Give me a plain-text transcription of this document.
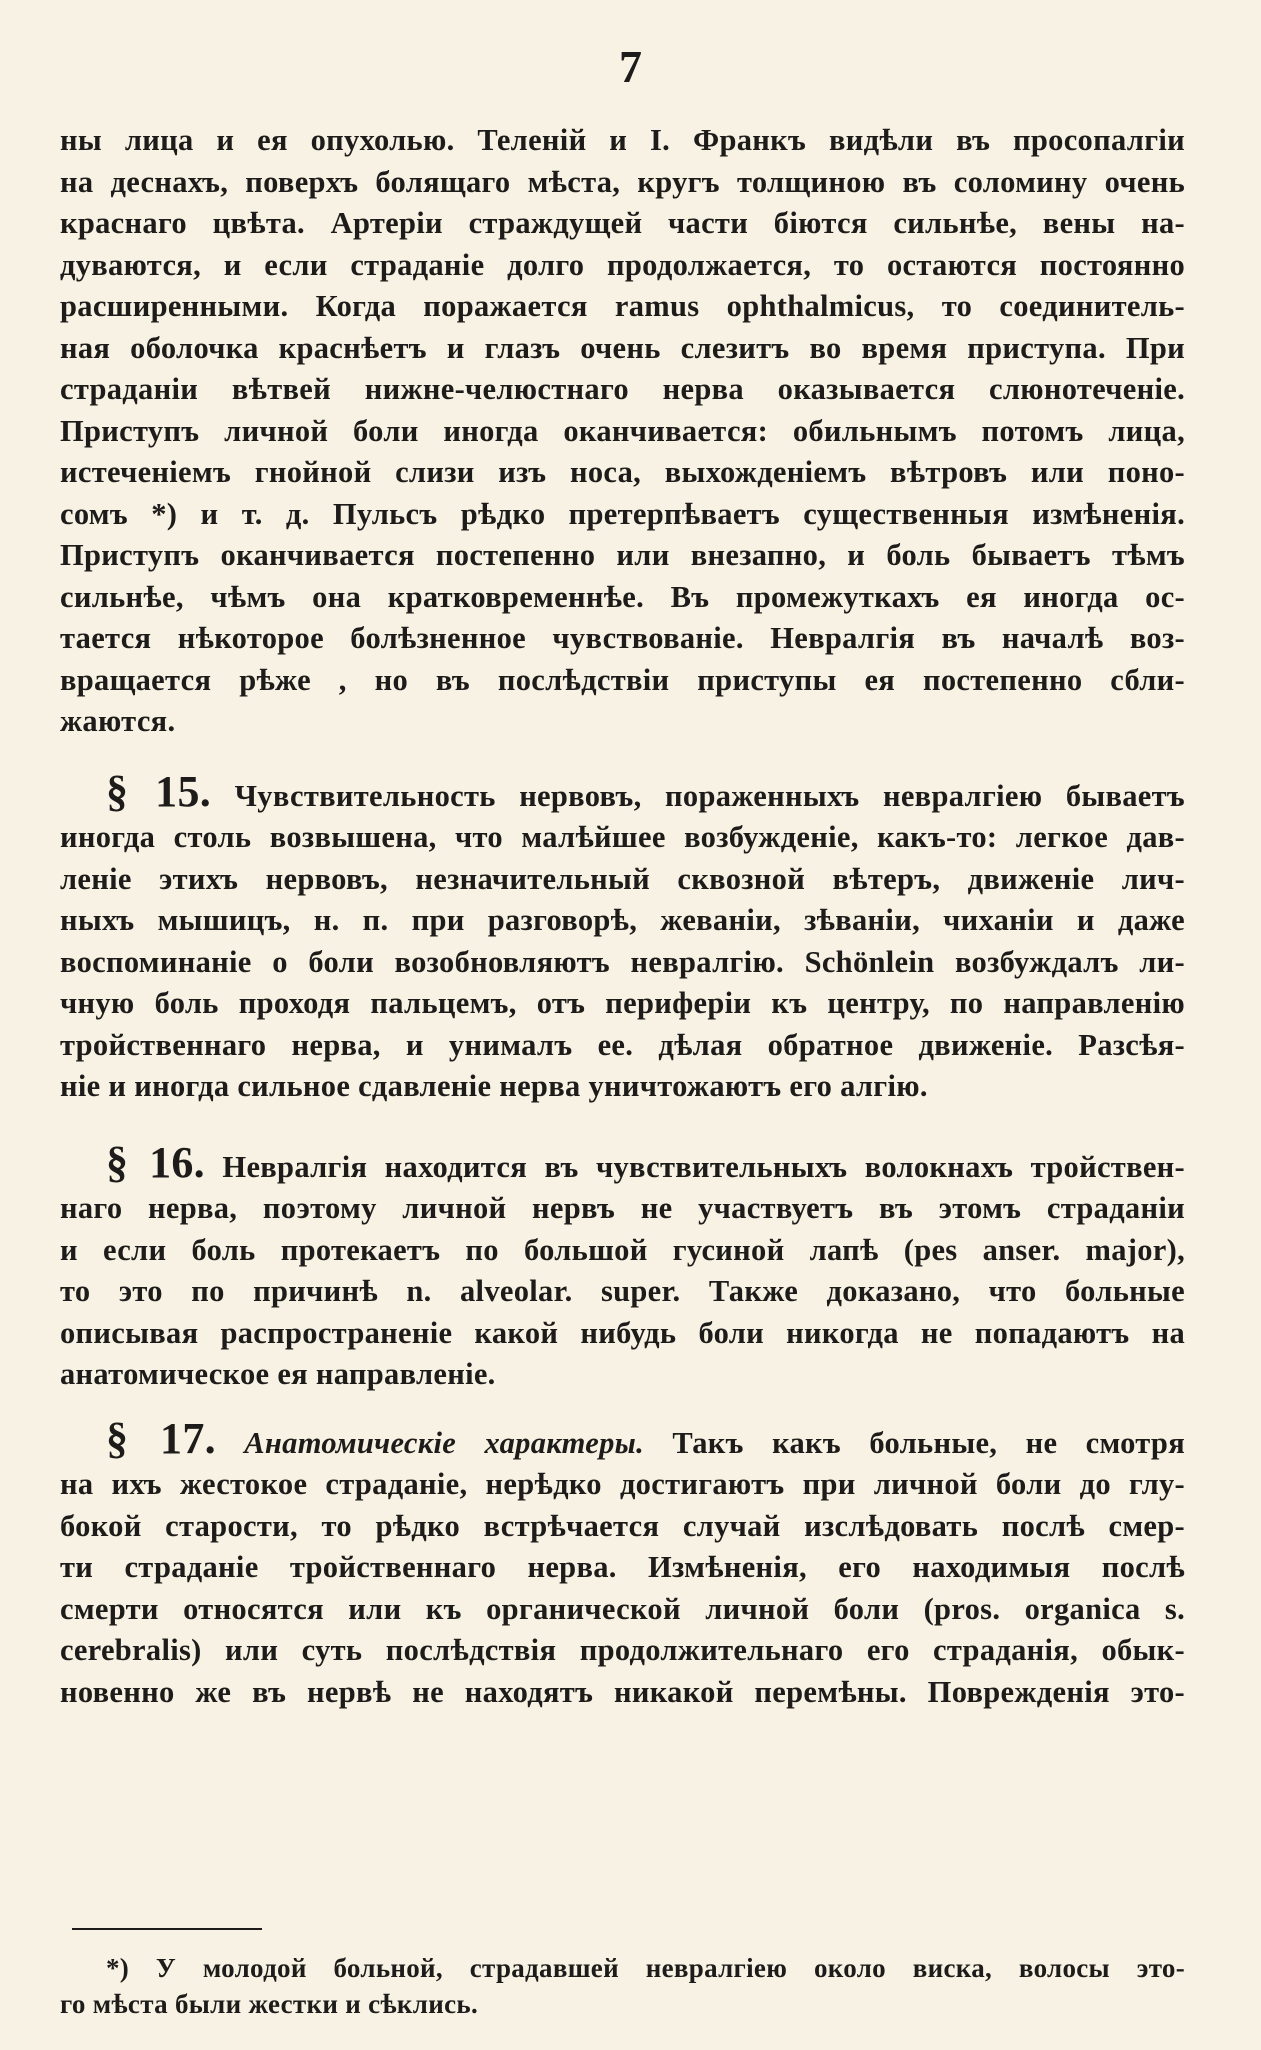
7
ны лица и ея опухолью. Теленій и I. Франкъ видѣли въ просопалгіи
на деснахъ, поверхъ болящаго мѣста, кругъ толщиною въ соломину очень
краснаго цвѣта. Артеріи страждущей части біются сильнѣе, вены на-
дуваются, и если страданіе долго продолжается, то остаются постоянно
расширенными. Когда поражается ramus ophthalmicus, то соединитель-
ная оболочка краснѣетъ и глазъ очень слезитъ во время приступа. При
страданіи вѣтвей нижне-челюстнаго нерва оказывается слюнотеченіе.
Приступъ личной боли иногда оканчивается: обильнымъ потомъ лица,
истеченіемъ гнойной слизи изъ носа, выхожденіемъ вѣтровъ или поно-
сомъ *) и т. д. Пульсъ рѣдко претерпѣваетъ существенныя измѣненія.
Приступъ оканчивается постепенно или внезапно, и боль бываетъ тѣмъ
сильнѣе, чѣмъ она кратковременнѣе. Въ промежуткахъ ея иногда ос-
тается нѣкоторое болѣзненное чувствованіе. Невралгія въ началѣ воз-
вращается рѣже , но въ послѣдствіи приступы ея постепенно сбли-
жаются.
§ 15. Чувствительность нервовъ, пораженныхъ невралгіею бываетъ
иногда столь возвышена, что малѣйшее возбужденіе, какъ-то: легкое дав-
леніе этихъ нервовъ, незначительный сквозной вѣтеръ, движеніе лич-
ныхъ мышицъ, н. п. при разговорѣ, жеваніи, зѣваніи, чиханіи и даже
воспоминаніе о боли возобновляютъ невралгію. Schönlein возбуждалъ ли-
чную боль проходя пальцемъ, отъ периферіи къ центру, по направленію
тройственнаго нерва, и унималъ ее. дѣлая обратное движеніе. Разсѣя-
ніе и иногда сильное сдавленіе нерва уничтожаютъ его алгію.
§ 16. Невралгія находится въ чувствительныхъ волокнахъ тройствен-
наго нерва, поэтому личной нервъ не участвуетъ въ этомъ страданіи
и если боль протекаетъ по большой гусиной лапѣ (pes anser. major),
то это по причинѣ n. alveolar. super. Также доказано, что больные
описывая распространеніе какой нибудь боли никогда не попадаютъ на
анатомическое ея направленіе.
§ 17. Анатомическіе характеры. Такъ какъ больные, не смотря
на ихъ жестокое страданіе, нерѣдко достигаютъ при личной боли до глу-
бокой старости, то рѣдко встрѣчается случай изслѣдовать послѣ смер-
ти страданіе тройственнаго нерва. Измѣненія, его находимыя послѣ
смерти относятся или къ органической личной боли (pros. organica s.
cerebralis) или суть послѣдствія продолжительнаго его страданія, обык-
новенно же въ нервѣ не находятъ никакой перемѣны. Поврежденія это-
*) У молодой больной, страдавшей невралгіею около виска, волосы это-
го мѣста были жестки и сѣклись.
